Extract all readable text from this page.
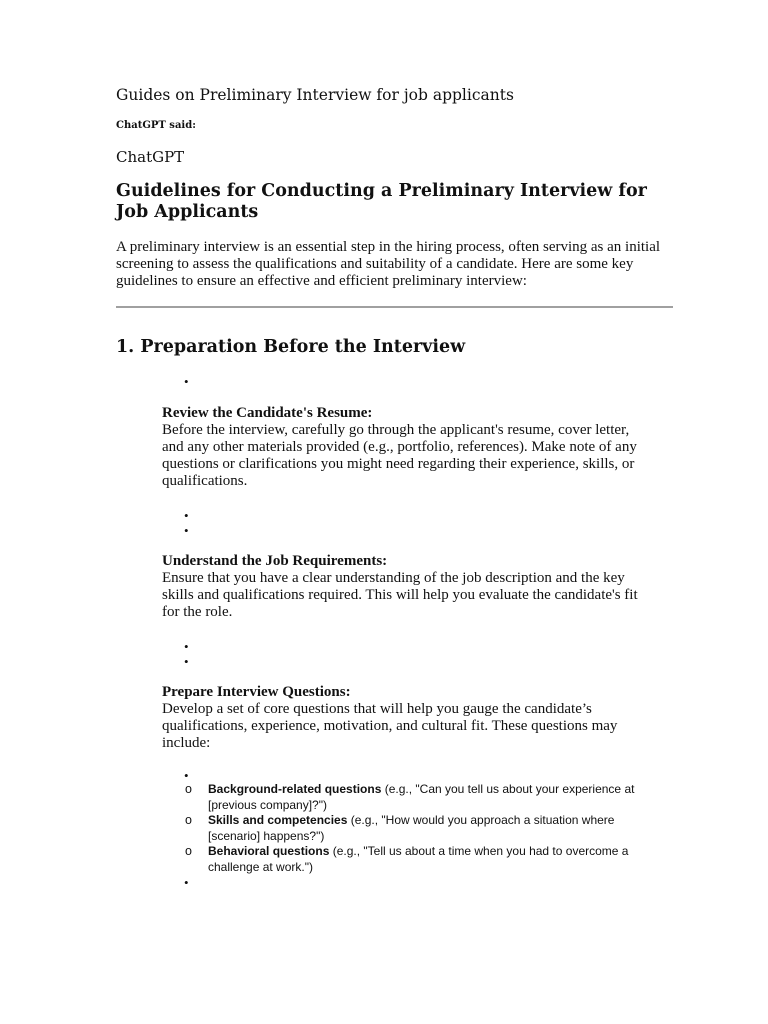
Guides on Preliminary Interview for job applicants
ChatGPT said:
ChatGPT
Guidelines for Conducting a Preliminary Interview for Job Applicants
A preliminary interview is an essential step in the hiring process, often serving as an initial screening to assess the qualifications and suitability of a candidate. Here are some key guidelines to ensure an effective and efficient preliminary interview:
1. Preparation Before the Interview
•
Review the Candidate's Resume:
Before the interview, carefully go through the applicant's resume, cover letter, and any other materials provided (e.g., portfolio, references). Make note of any questions or clarifications you might need regarding their experience, skills, or qualifications.
•
•
Understand the Job Requirements:
Ensure that you have a clear understanding of the job description and the key skills and qualifications required. This will help you evaluate the candidate's fit for the role.
•
•
Prepare Interview Questions:
Develop a set of core questions that will help you gauge the candidate’s qualifications, experience, motivation, and cultural fit. These questions may include:
•
o Background-related questions (e.g., "Can you tell us about your experience at [previous company]?")
o Skills and competencies (e.g., "How would you approach a situation where [scenario] happens?")
o Behavioral questions (e.g., "Tell us about a time when you had to overcome a challenge at work.")
•
